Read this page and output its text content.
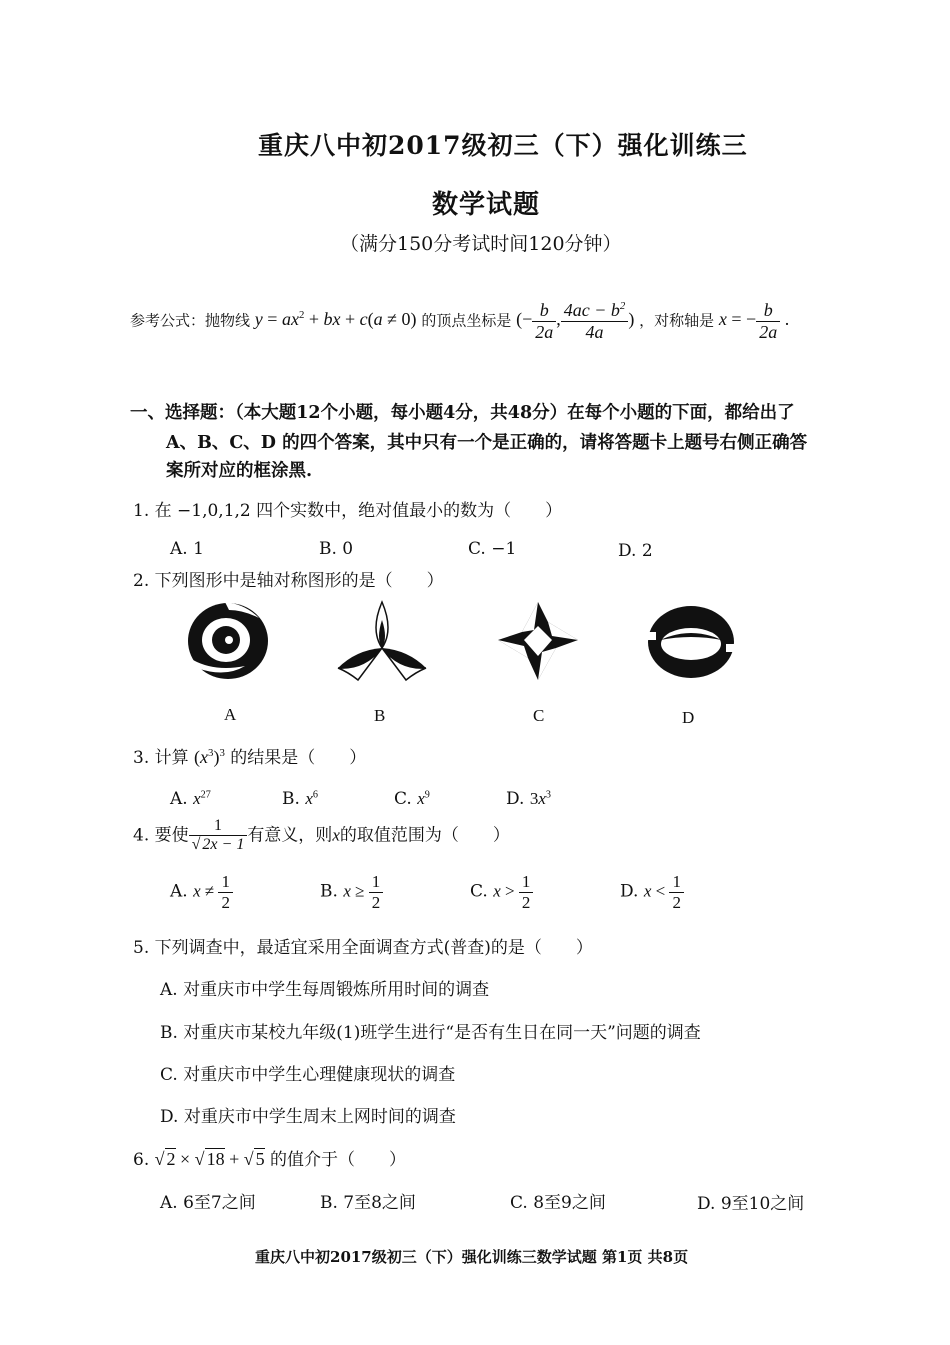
重庆八中初2017级初三（下）强化训练三
数学试题
（满分150分考试时间120分钟）
参考公式：抛物线 $y = ax^2$ + bx + c(a ≠ 0) 的顶点坐标是 (− $\frac{b}{2a}$ , $\frac{4ac - b^2}{4a}$ ) ，对称轴是 x = − $\frac{b}{2a}$ .
一、选择题：（本大题12个小题，每小题4分，共48分）在每个小题的下面，都给出了
A、B、C、D 的四个答案，其中只有一个是正确的，请将答题卡上题号右侧正确答
案所对应的框涂黑.
1. 在 −1,0,1,2 四个实数中，绝对值最小的数为（　　）
A. 1	B. 0	C. −1	D. 2
2. 下列图形中是轴对称图形的是（　　）
A	B	C	D
3. 计算 $(x^3)^3$ 的结果是（　　）
A. $x^{27}$	B. $x^6$	C. $x^9$	D. $3x^3$
4. 要使 $\frac{1}{√ 2x - 1}$ 有意义，则x的取值范围为（　　）
A. $x \ne \frac{1}{2}$	B. $x \ge \frac{1}{2}$	C. $x > \frac{1}{2}$	D. $x < \frac{1}{2}$
5. 下列调查中，最适宜采用全面调查方式(普查)的是（　　）
A. 对重庆市中学生每周锻炼所用时间的调查
B. 对重庆市某校九年级(1)班学生进行“是否有生日在同一天”问题的调查
C. 对重庆市中学生心理健康现状的调查
D. 对重庆市中学生周末上网时间的调查
6. √ 2 × √ 18 + √ 5 的值介于（　　）
A. 6至7之间	B. 7至8之间	C. 8至9之间	D. 9至10之间
重庆八中初2017级初三（下）强化训练三数学试题 第1页 共8页
